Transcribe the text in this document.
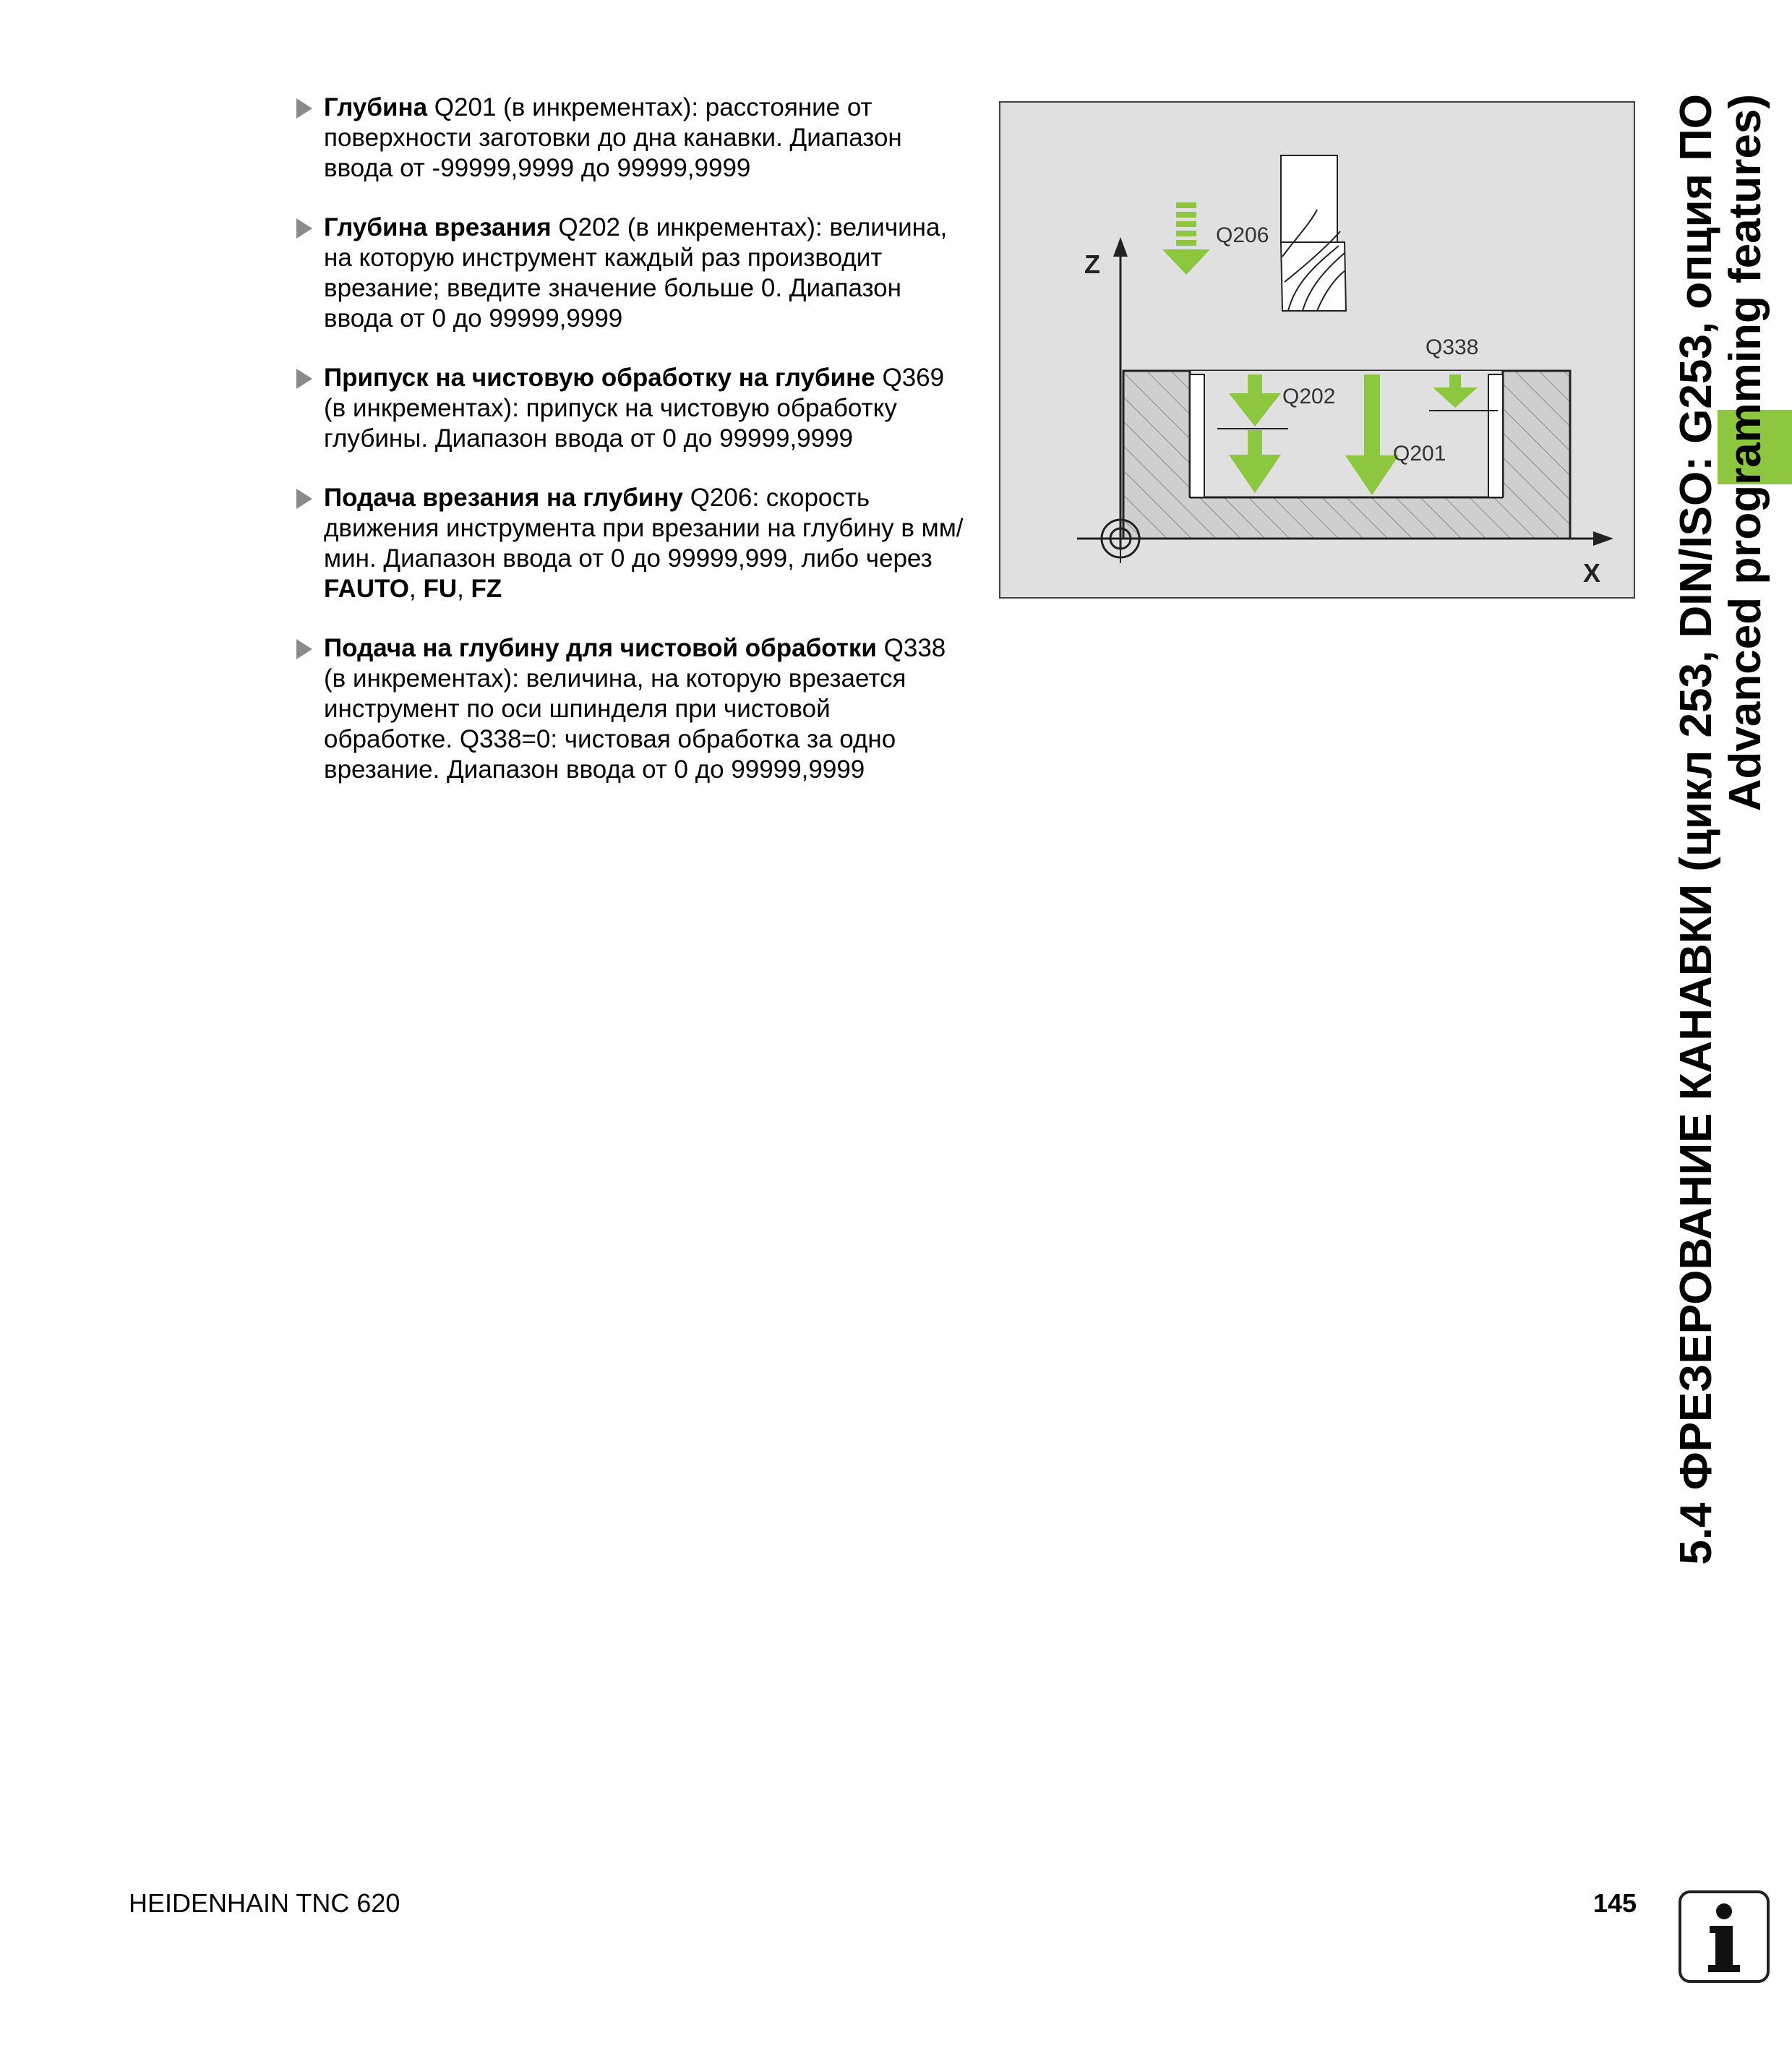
Глубина Q201 (в инкрементах): расстояние от поверхности заготовки до дна канавки. Диапазон ввода от -99999,9999 до 99999,9999
Глубина врезания Q202 (в инкрементах): величина, на которую инструмент каждый раз производит врезание; введите значение больше 0. Диапазон ввода от 0 до 99999,9999
Припуск на чистовую обработку на глубине Q369 (в инкрементах): припуск на чистовую обработку глубины. Диапазон ввода от 0 до 99999,9999
Подача врезания на глубину Q206: скорость движения инструмента при врезании на глубину в мм/мин. Диапазон ввода от 0 до 99999,999, либо через FAUTO, FU, FZ
Подача на глубину для чистовой обработки Q338 (в инкрементах): величина, на которую врезается инструмент по оси шпинделя при чистовой обработке. Q338=0: чистовая обработка за одно врезание. Диапазон ввода от 0 до 99999,9999
Z
X
Q206
Q338
Q202
Q201	5.4 ФРЕЗЕРОВАНИЕ КАНАВКИ (цикл 253, DIN/ISO: G253, опция ПО Advanced programming features)
HEIDENHAIN TNC 620	145
